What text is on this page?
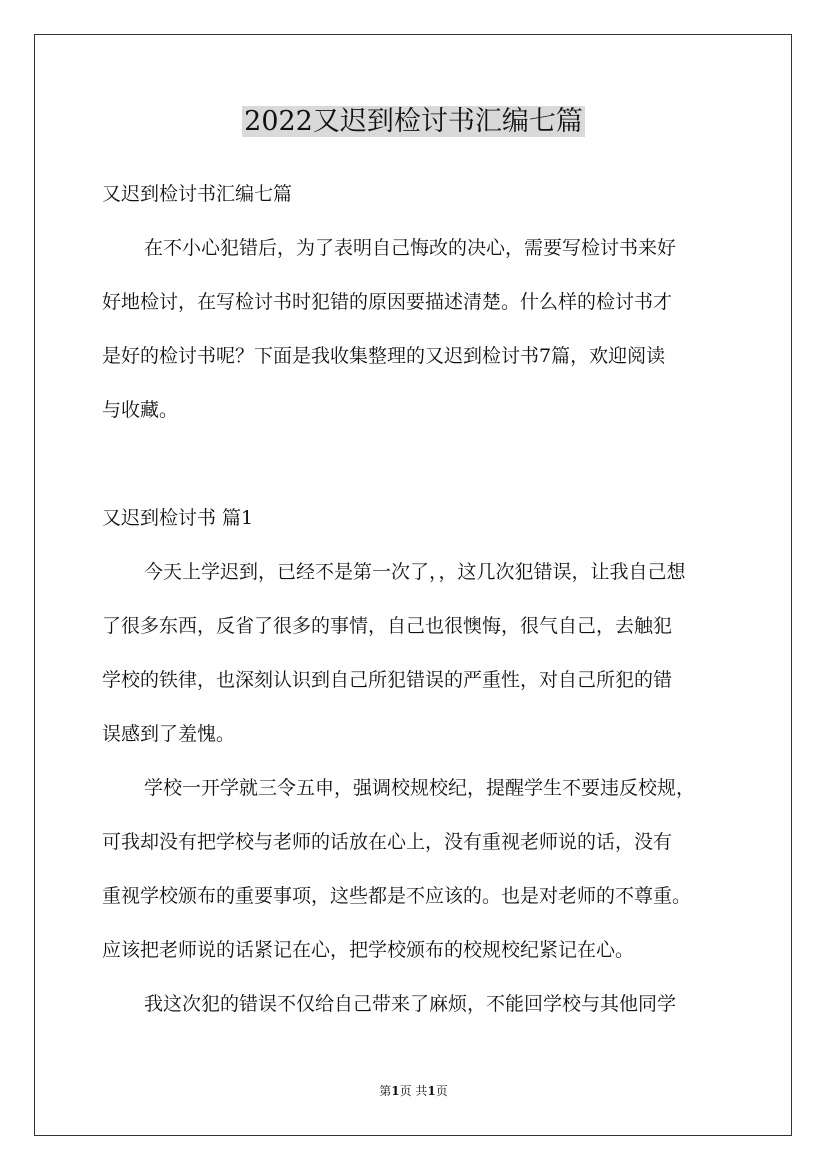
2022又迟到检讨书汇编七篇
又迟到检讨书汇编七篇
在不小心犯错后，为了表明自己悔改的决心，需要写检讨书来好
好地检讨，在写检讨书时犯错的原因要描述清楚。什么样的检讨书才
是好的检讨书呢？下面是我收集整理的又迟到检讨书7篇，欢迎阅读
与收藏。
又迟到检讨书 篇1
今天上学迟到，已经不是第一次了，，这几次犯错误，让我自己想
了很多东西，反省了很多的事情，自己也很懊悔，很气自己，去触犯
学校的铁律，也深刻认识到自己所犯错误的严重性，对自己所犯的错
误感到了羞愧。
学校一开学就三令五申，强调校规校纪，提醒学生不要违反校规，
可我却没有把学校与老师的话放在心上，没有重视老师说的话，没有
重视学校颁布的重要事项，这些都是不应该的。也是对老师的不尊重。
应该把老师说的话紧记在心，把学校颁布的校规校纪紧记在心。
我这次犯的错误不仅给自己带来了麻烦，不能回学校与其他同学
第1页 共1页
